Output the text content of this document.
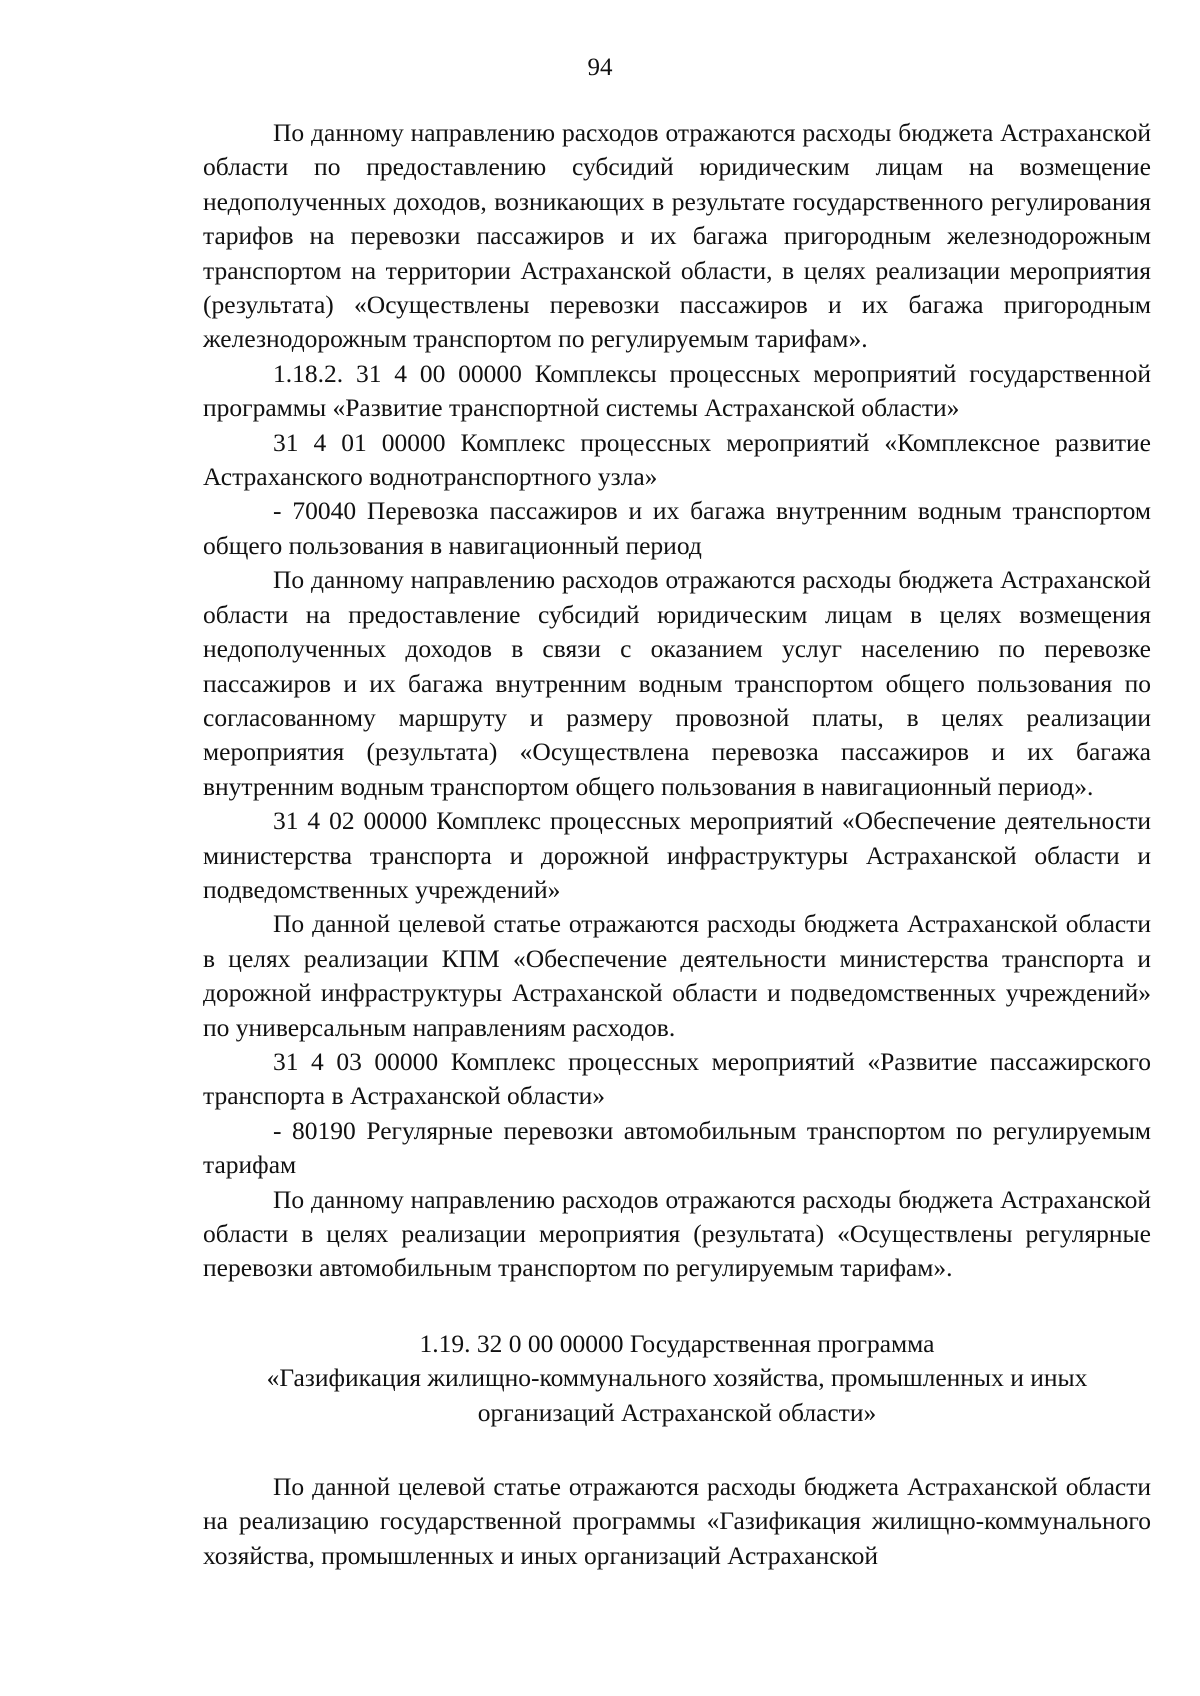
94

По данному направлению расходов отражаются расходы бюджета Астраханской области по предоставлению субсидий юридическим лицам на возмещение недополученных доходов, возникающих в результате государственного регулирования тарифов на перевозки пассажиров и их багажа пригородным железнодорожным транспортом на территории Астраханской области, в целях реализации мероприятия (результата) «Осуществлены перевозки пассажиров и их багажа пригородным железнодорожным транспортом по регулируемым тарифам».

1.18.2. 31 4 00 00000 Комплексы процессных мероприятий государственной программы «Развитие транспортной системы Астраханской области»

31 4 01 00000 Комплекс процессных мероприятий «Комплексное развитие Астраханского воднотранспортного узла»

- 70040 Перевозка пассажиров и их багажа внутренним водным транспортом общего пользования в навигационный период

По данному направлению расходов отражаются расходы бюджета Астраханской области на предоставление субсидий юридическим лицам в целях возмещения недополученных доходов в связи с оказанием услуг населению по перевозке пассажиров и их багажа внутренним водным транспортом общего пользования по согласованному маршруту и размеру провозной платы, в целях реализации мероприятия (результата) «Осуществлена перевозка пассажиров и их багажа внутренним водным транспортом общего пользования в навигационный период».

31 4 02 00000 Комплекс процессных мероприятий «Обеспечение деятельности министерства транспорта и дорожной инфраструктуры Астраханской области и подведомственных учреждений»

По данной целевой статье отражаются расходы бюджета Астраханской области в целях реализации КПМ «Обеспечение деятельности министерства транспорта и дорожной инфраструктуры Астраханской области и подведомственных учреждений» по универсальным направлениям расходов.

31 4 03 00000 Комплекс процессных мероприятий «Развитие пассажирского транспорта в Астраханской области»

- 80190 Регулярные перевозки автомобильным транспортом по регулируемым тарифам

По данному направлению расходов отражаются расходы бюджета Астраханской области в целях реализации мероприятия (результата) «Осуществлены регулярные перевозки автомобильным транспортом по регулируемым тарифам».

1.19. 32 0 00 00000 Государственная программа
«Газификация жилищно-коммунального хозяйства, промышленных и иных
организаций Астраханской области»

По данной целевой статье отражаются расходы бюджета Астраханской области на реализацию государственной программы «Газификация жилищно-коммунального хозяйства, промышленных и иных организаций Астраханской
